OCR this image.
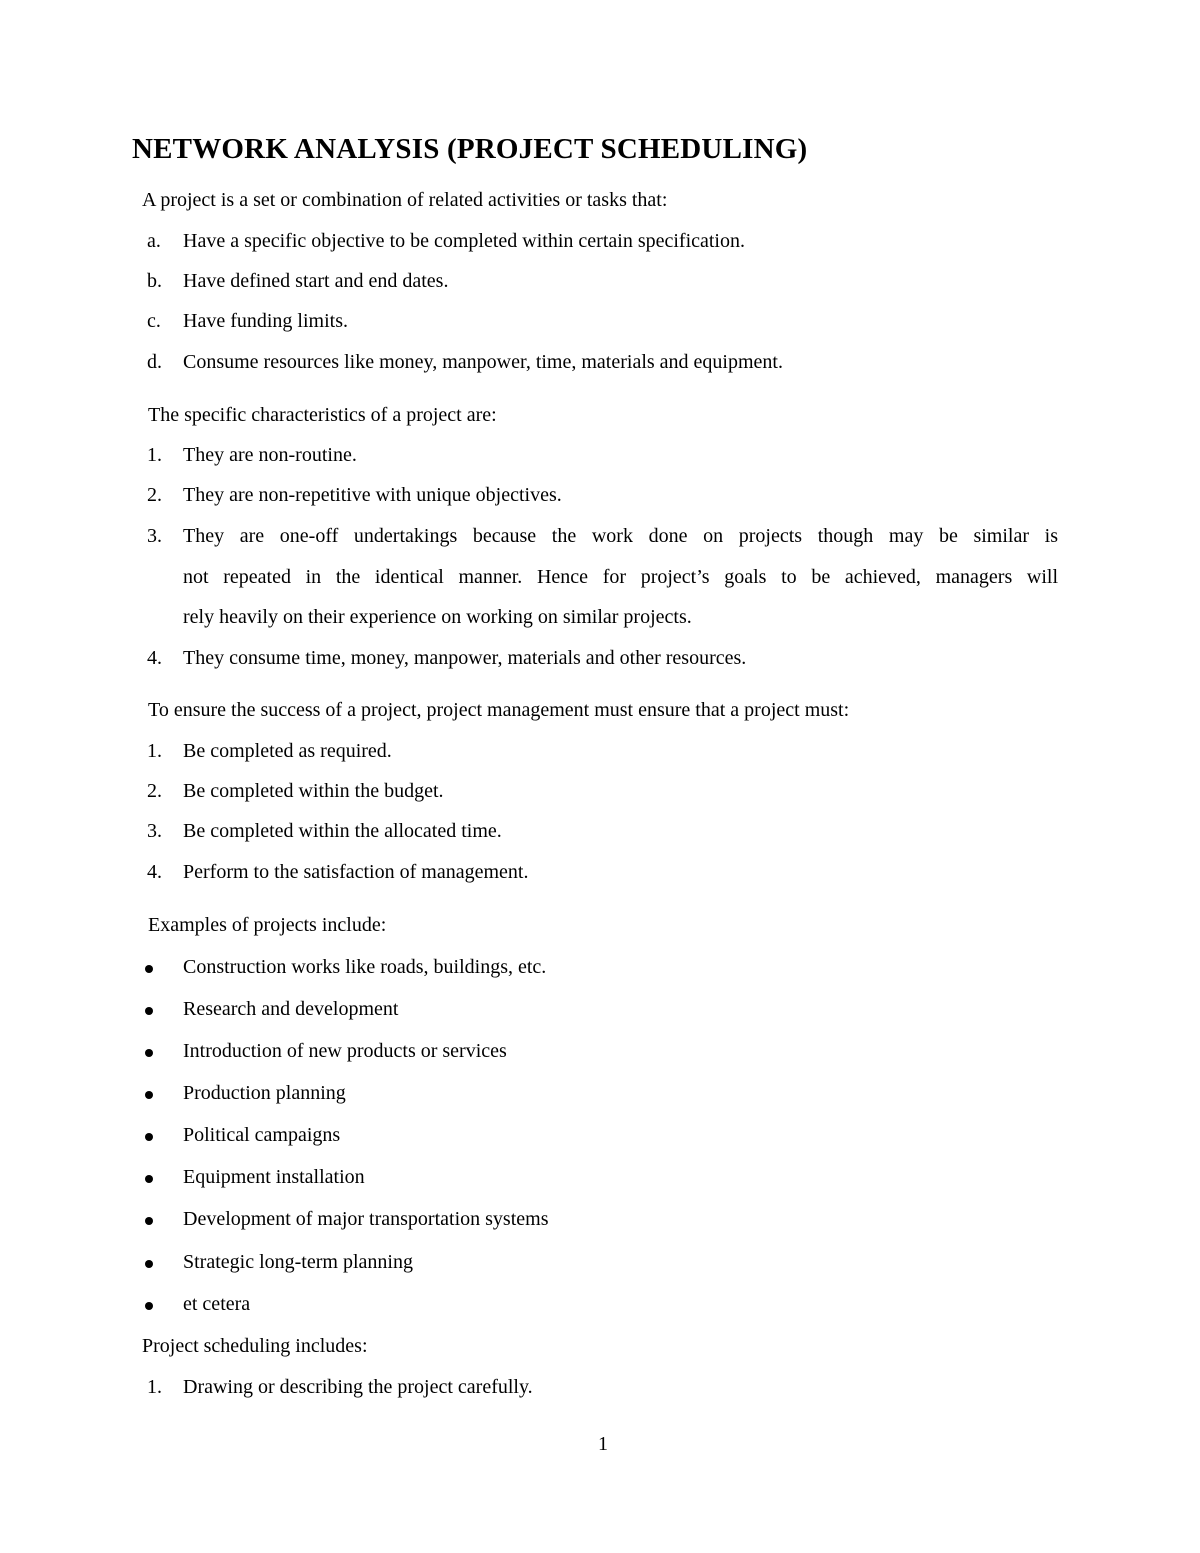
NETWORK ANALYSIS (PROJECT SCHEDULING)
A project is a set or combination of related activities or tasks that:
a. Have a specific objective to be completed within certain specification.
b. Have defined start and end dates.
c. Have funding limits.
d. Consume resources like money, manpower, time, materials and equipment.
The specific characteristics of a project are:
1. They are non-routine.
2. They are non-repetitive with unique objectives.
3. They are one-off undertakings because the work done on projects though may be similar is
not repeated in the identical manner. Hence for project’s goals to be achieved, managers will
rely heavily on their experience on working on similar projects.
4. They consume time, money, manpower, materials and other resources.
To ensure the success of a project, project management must ensure that a project must:
1. Be completed as required.
2. Be completed within the budget.
3. Be completed within the allocated time.
4. Perform to the satisfaction of management.
Examples of projects include:
Construction works like roads, buildings, etc.
Research and development
Introduction of new products or services
Production planning
Political campaigns
Equipment installation
Development of major transportation systems
Strategic long-term planning
et cetera
Project scheduling includes:
1. Drawing or describing the project carefully.
1
